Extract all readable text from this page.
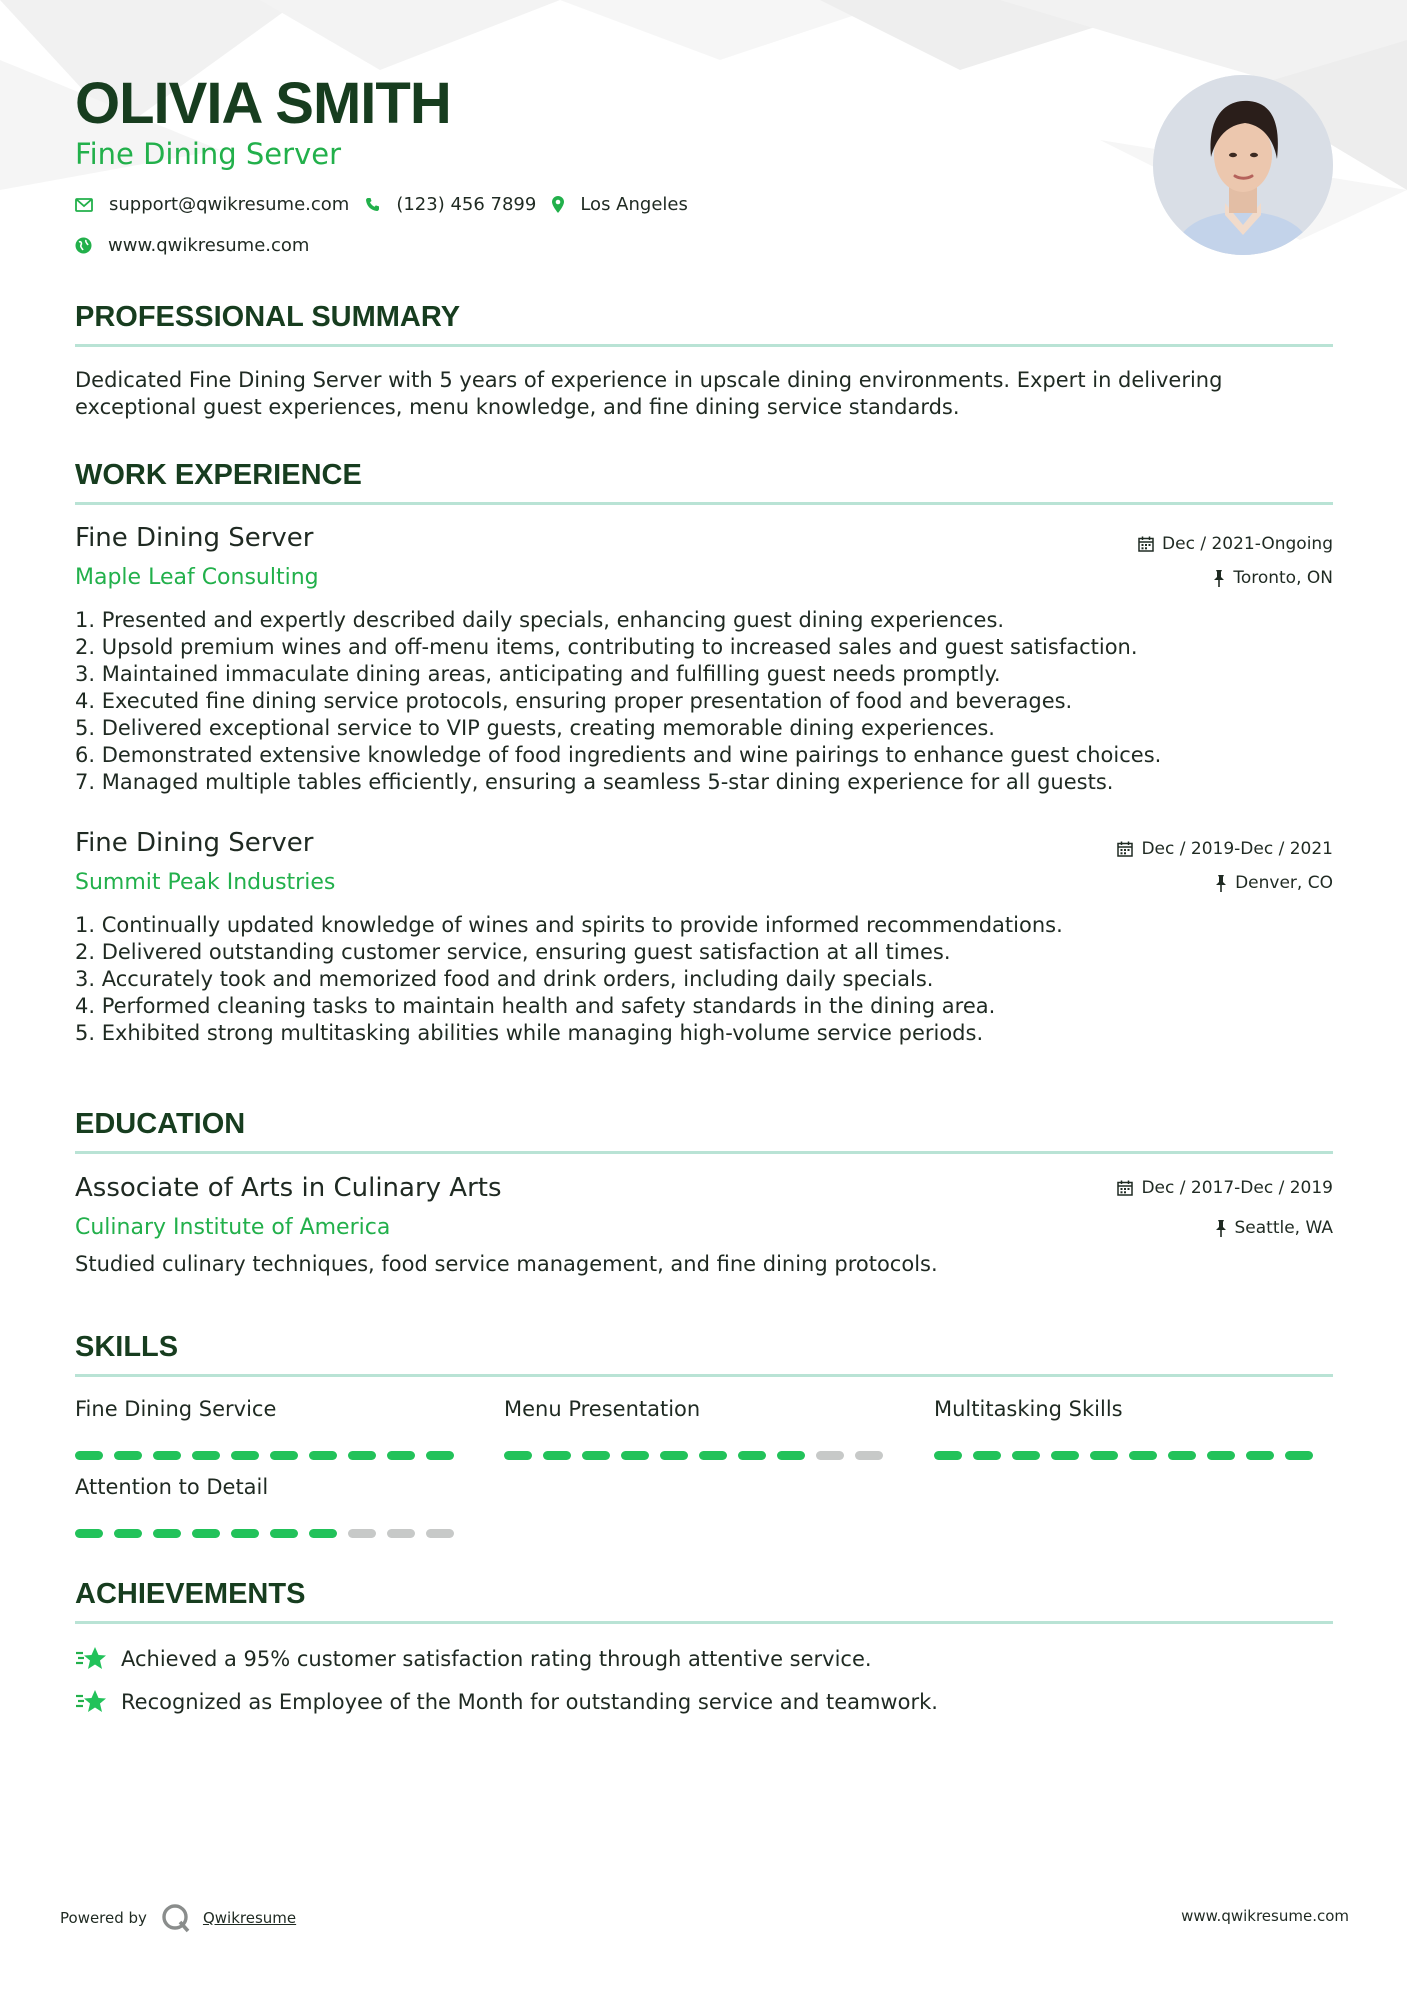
OLIVIA SMITH
Fine Dining Server
support@qwikresume.com	(123) 456 7899 Los Angeles
www.qwikresume.com
PROFESSIONAL SUMMARY
Dedicated Fine Dining Server with 5 years of experience in upscale dining environments. Expert in delivering
exceptional guest experiences, menu knowledge, and fine dining service standards.
WORK EXPERIENCE
Fine Dining Server	Dec / 2021-Ongoing
Maple Leaf Consulting	Toronto, ON
1. Presented and expertly described daily specials, enhancing guest dining experiences.
2. Upsold premium wines and off-menu items, contributing to increased sales and guest satisfaction.
3. Maintained immaculate dining areas, anticipating and fulfilling guest needs promptly.
4. Executed fine dining service protocols, ensuring proper presentation of food and beverages.
5. Delivered exceptional service to VIP guests, creating memorable dining experiences.
6. Demonstrated extensive knowledge of food ingredients and wine pairings to enhance guest choices.
7. Managed multiple tables efficiently, ensuring a seamless 5-star dining experience for all guests.
Fine Dining Server	Dec / 2019-Dec / 2021
Summit Peak Industries	Denver, CO
1. Continually updated knowledge of wines and spirits to provide informed recommendations.
2. Delivered outstanding customer service, ensuring guest satisfaction at all times.
3. Accurately took and memorized food and drink orders, including daily specials.
4. Performed cleaning tasks to maintain health and safety standards in the dining area.
5. Exhibited strong multitasking abilities while managing high-volume service periods.
EDUCATION
Associate of Arts in Culinary Arts	Dec / 2017-Dec / 2019
Culinary Institute of America	Seattle, WA
Studied culinary techniques, food service management, and fine dining protocols.
SKILLS
Fine Dining Service	Menu Presentation	Multitasking Skills
Attention to Detail
ACHIEVEMENTS
Achieved a 95% customer satisfaction rating through attentive service.
Recognized as Employee of the Month for outstanding service and teamwork.
Powered by	Qwikresume	www.qwikresume.com
